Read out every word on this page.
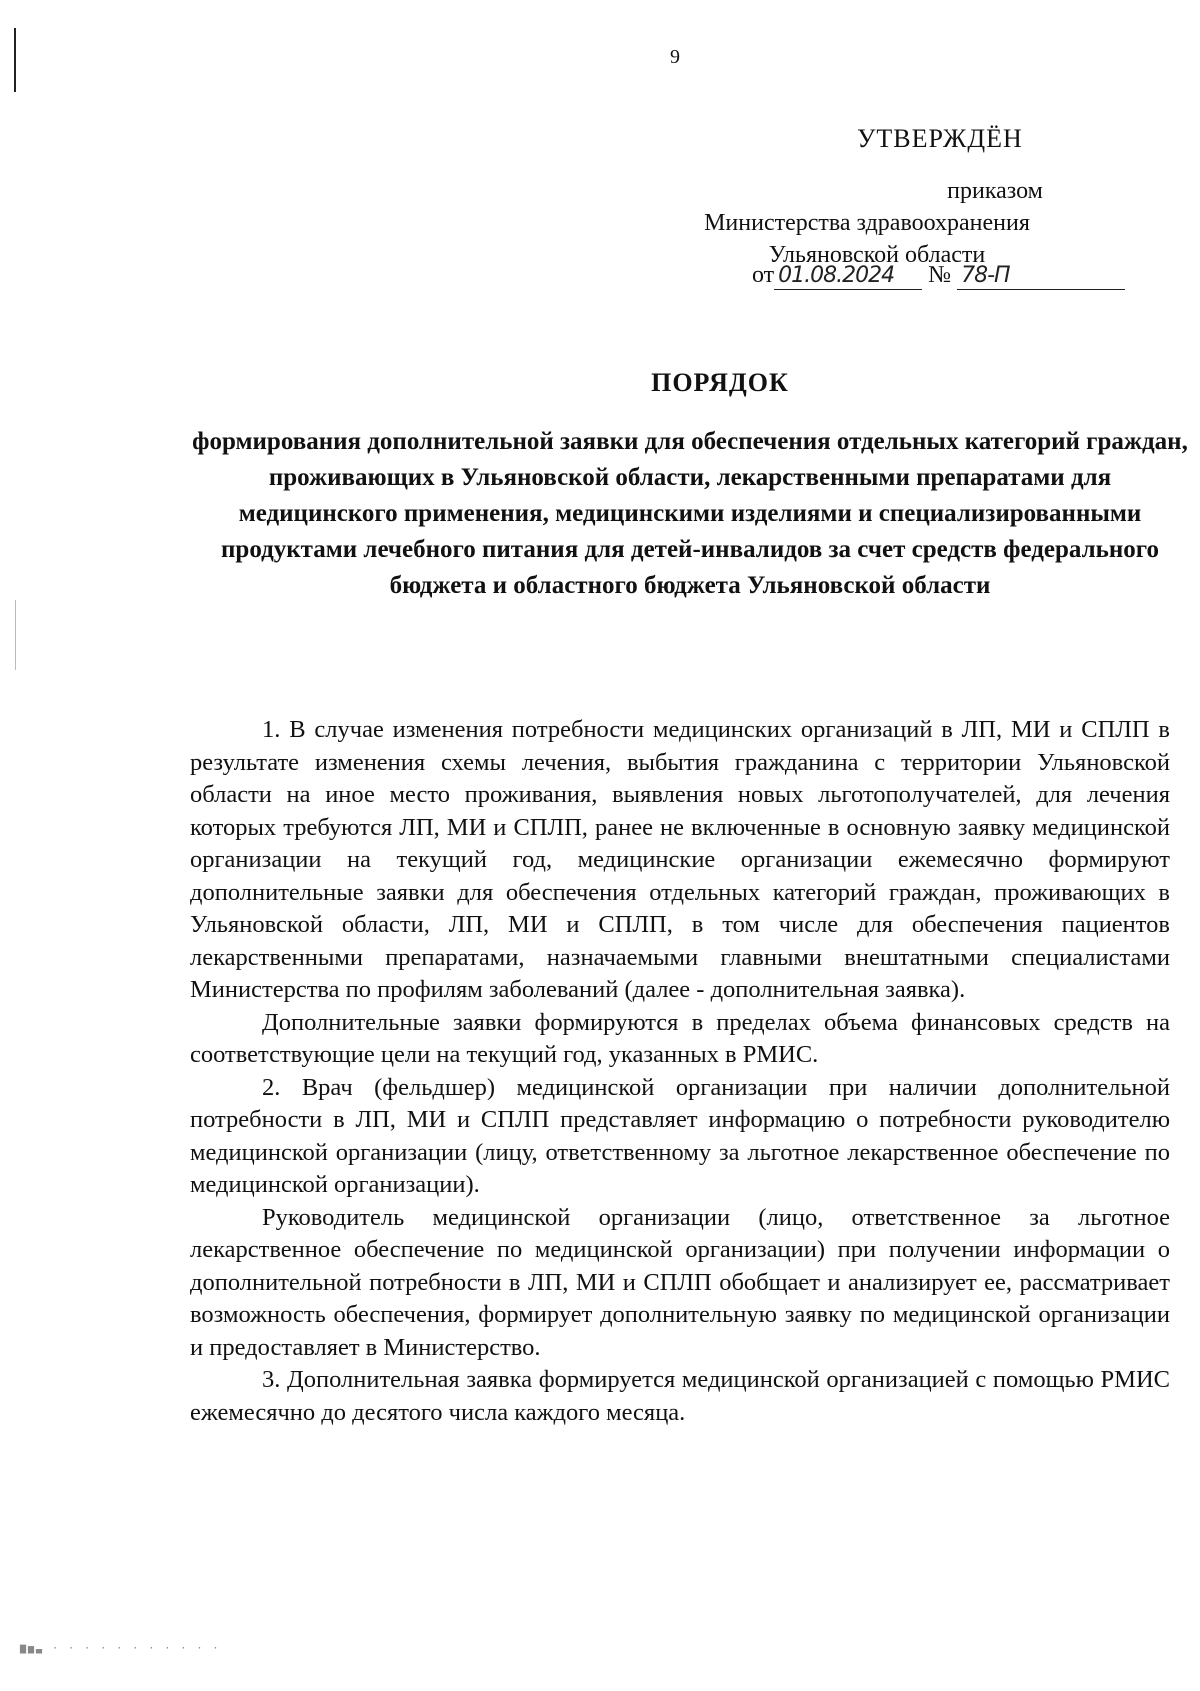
9
УТВЕРЖДЁН
приказом
Министерства здравоохранения
Ульяновской области
от 01.08.2024 № 78-П
ПОРЯДОК
формирования дополнительной заявки для обеспечения отдельных категорий граждан, проживающих в Ульяновской области, лекарственными препаратами для медицинского применения, медицинскими изделиями и специализированными продуктами лечебного питания для детей-инвалидов за счет средств федерального бюджета и областного бюджета Ульяновской области

1. В случае изменения потребности медицинских организаций в ЛП, МИ и СПЛП в результате изменения схемы лечения, выбытия гражданина с территории Ульяновской области на иное место проживания, выявления новых льготополучателей, для лечения которых требуются ЛП, МИ и СПЛП, ранее не включенные в основную заявку медицинской организации на текущий год, медицинские организации ежемесячно формируют дополнительные заявки для обеспечения отдельных категорий граждан, проживающих в Ульяновской области, ЛП, МИ и СПЛП, в том числе для обеспечения пациентов лекарственными препаратами, назначаемыми главными внештатными специалистами Министерства по профилям заболеваний (далее - дополнительная заявка).

Дополнительные заявки формируются в пределах объема финансовых средств на соответствующие цели на текущий год, указанных в РМИС.

2. Врач (фельдшер) медицинской организации при наличии дополнительной потребности в ЛП, МИ и СПЛП представляет информацию о потребности руководителю медицинской организации (лицу, ответственному за льготное лекарственное обеспечение по медицинской организации).

Руководитель медицинской организации (лицо, ответственное за льготное лекарственное обеспечение по медицинской организации) при получении информации о дополнительной потребности в ЛП, МИ и СПЛП обобщает и анализирует ее, рассматривает возможность обеспечения, формирует дополнительную заявку по медицинской организации и предоставляет в Министерство.

3. Дополнительная заявка формируется медицинской организацией с помощью РМИС ежемесячно до десятого числа каждого месяца.

▆▅▃ · · · · · · · · · · ·
